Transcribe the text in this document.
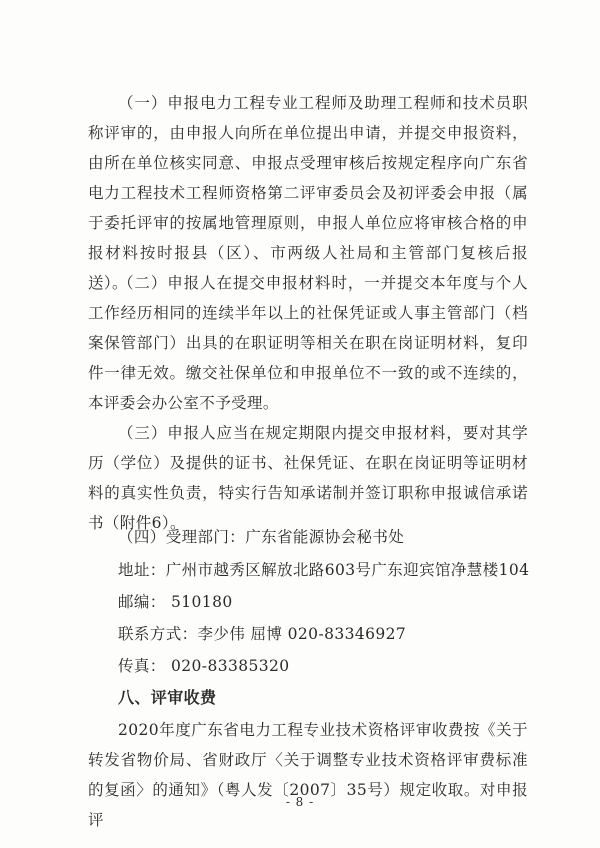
（一）申报电力工程专业工程师及助理工程师和技术员职称评审的，由申报人向所在单位提出申请，并提交申报资料，由所在单位核实同意、申报点受理审核后按规定程序向广东省电力工程技术工程师资格第二评审委员会及初评委会申报（属于委托评审的按属地管理原则，申报人单位应将审核合格的申报材料按时报县（区）、市两级人社局和主管部门复核后报送）。
（二）申报人在提交申报材料时，一并提交本年度与个人工作经历相同的连续半年以上的社保凭证或人事主管部门（档案保管部门）出具的在职证明等相关在职在岗证明材料，复印件一律无效。缴交社保单位和申报单位不一致的或不连续的，本评委会办公室不予受理。
（三）申报人应当在规定期限内提交申报材料，要对其学历（学位）及提供的证书、社保凭证、在职在岗证明等证明材料的真实性负责，特实行告知承诺制并签订职称申报诚信承诺书（附件6）。
（四）受理部门：广东省能源协会秘书处
地址：广州市越秀区解放北路603号广东迎宾馆净慧楼104
邮编： 510180
联系方式：李少伟 屈博 020-83346927
传真： 020-83385320
八、评审收费
2020年度广东省电力工程专业技术资格评审收费按《关于转发省物价局、省财政厅〈关于调整专业技术资格评审费标准的复函〉的通知》（粤人发〔2007〕35号）规定收取。对申报评
- 8 -
